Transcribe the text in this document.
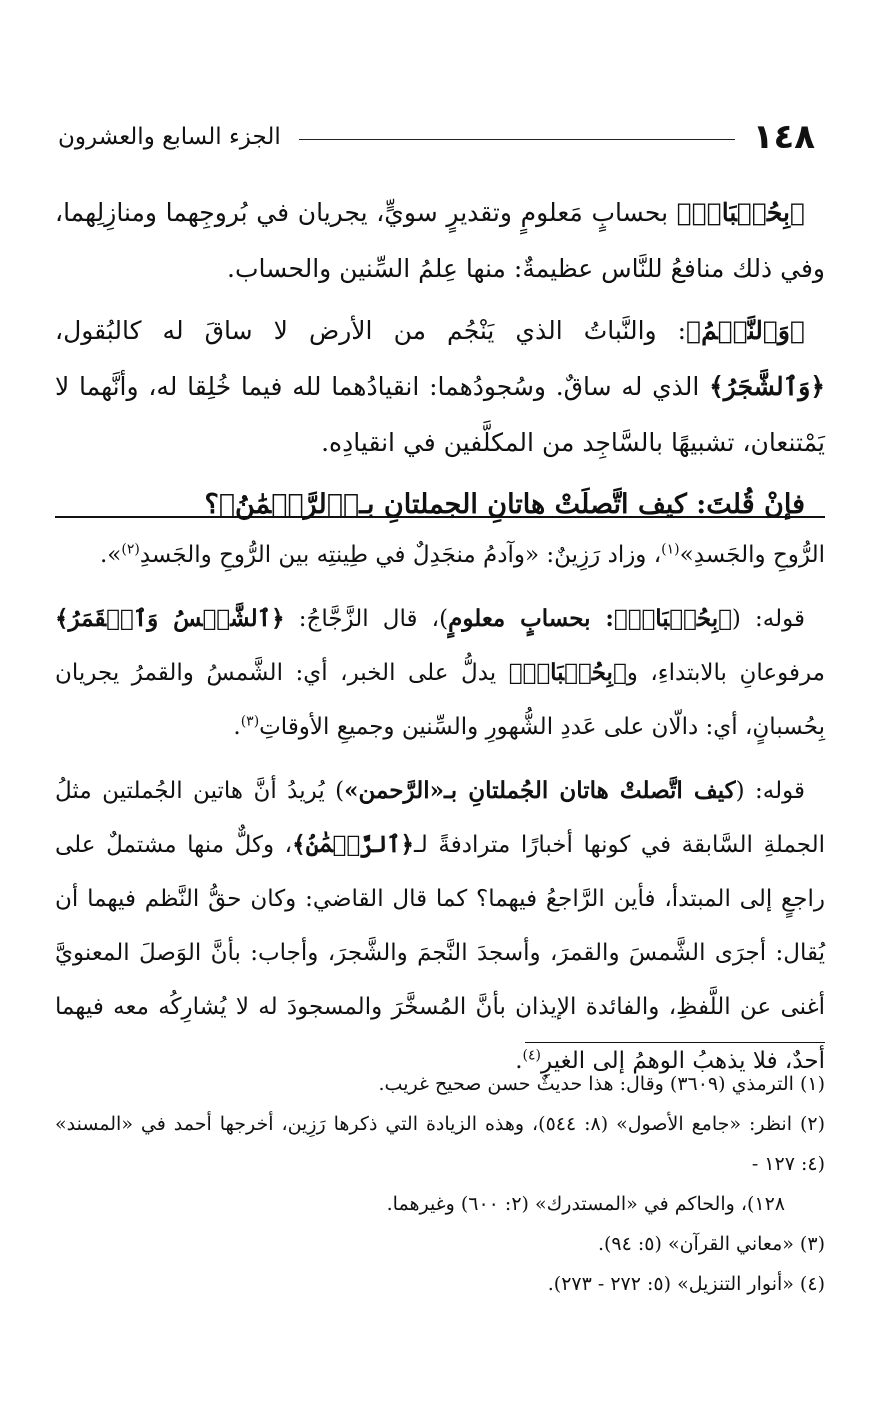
١٤٨
الجزء السابع والعشرون

﴿بِحُسۡبَانٖ﴾ بحسابٍ مَعلومٍ وتقديرٍ سويٍّ، يجريان في بُروجِهما ومنازِلِهما، وفي ذلك منافعُ للنَّاس عظيمةٌ: منها عِلمُ السِّنين والحساب.

﴿وَٱلنَّجۡمُ﴾: والنَّباتُ الذي يَنْجُم من الأرض لا ساقَ له كالبُقول، ﴿وَٱلشَّجَرُ﴾ الذي له ساقٌ. وسُجودُهما: انقيادُهما لله فيما خُلِقا له، وأنَّهما لا يَمْتنعان، تشبيهًا بالسَّاجِد من المكلَّفين في انقيادِه.

فإنْ قُلتَ: كيف اتَّصلَتْ هاتانِ الجملتانِ بـ﴿ٱلرَّحۡمَٰنُ﴾؟

الرُّوحِ والجَسدِ»$^{(١)}$، وزاد رَزِينٌ: «وآدمُ منجَدِلٌ في طِينتِه بين الرُّوحِ والجَسدِ$^{(٢)}$».

قوله: (﴿بِحُسۡبَانٖ﴾: بحسابٍ معلومٍ)، قال الزَّجَّاجُ: ﴿ٱلشَّمۡسُ وَٱلۡقَمَرُ﴾ مرفوعانِ بالابتداءِ، و﴿بِحُسۡبَانٖ﴾ يدلُّ على الخبر، أي: الشَّمسُ والقمرُ يجريان بِحُسبانٍ، أي: دالّان على عَددِ الشُّهورِ والسِّنين وجميعِ الأوقاتِ$^{(٣)}$.

قوله: (كيف اتَّصلتْ هاتان الجُملتانِ بـ«الرَّحمن») يُريدُ أنَّ هاتين الجُملتين مثلُ الجملةِ السَّابقة في كونها أخبارًا مترادفةً لـ﴿ٱلرَّحۡمَٰنُ﴾، وكلٌّ منها مشتملٌ على راجعٍ إلى المبتدأ، فأين الرَّاجعُ فيهما؟ كما قال القاضي: وكان حقُّ النَّظم فيهما أن يُقال: أجرَى الشَّمسَ والقمرَ، وأسجدَ النَّجمَ والشَّجرَ، وأجاب: بأنَّ الوَصلَ المعنويَّ أغنى عن اللَّفظِ، والفائدة الإيذان بأنَّ المُسخَّرَ والمسجودَ له لا يُشارِكُه معه فيهما أحدٌ، فلا يذهبُ الوهمُ إلى الغيرِ$^{(٤)}$.

(١) الترمذي (٣٦٠٩) وقال: هذا حديثٌ حسن صحيح غريب.

(٢) انظر: «جامع الأصول» (٨: ٥٤٤)، وهذه الزيادة التي ذكرها رَزِين، أخرجها أحمد في «المسند» (٤: ١٢٧ -

١٢٨)، والحاكم في «المستدرك» (٢: ٦٠٠) وغيرهما.

(٣) «معاني القرآن» (٥: ٩٤).

(٤) «أنوار التنزيل» (٥: ٢٧٢ - ٢٧٣).
